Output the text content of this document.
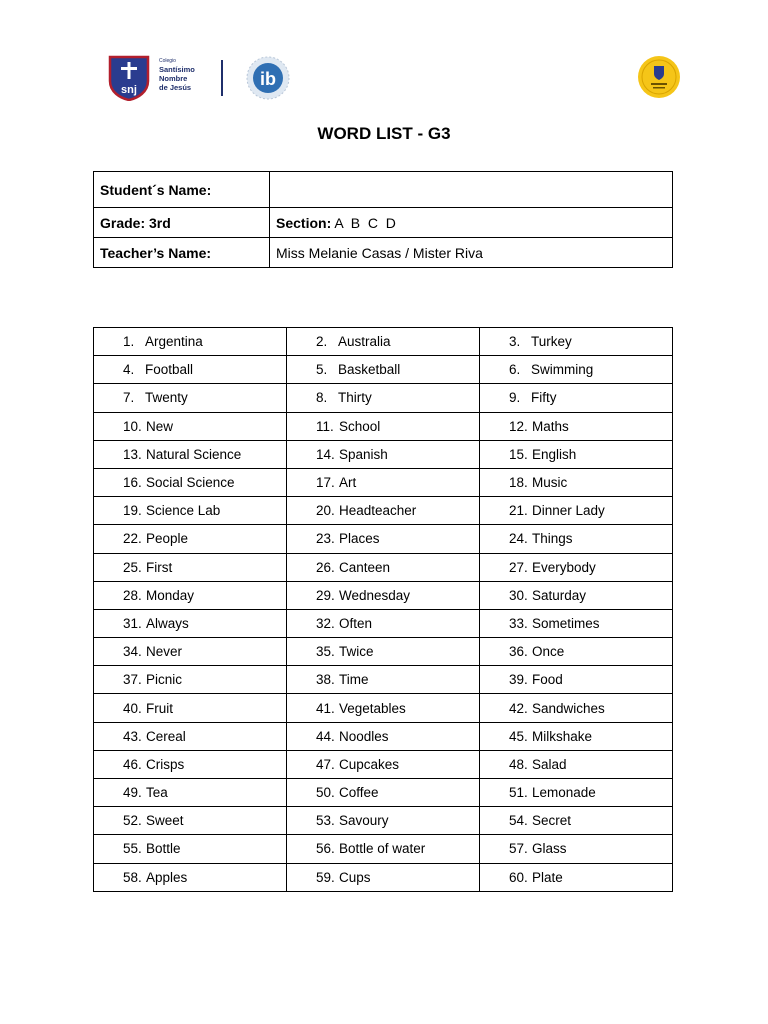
snj
Colegio
Santísimo
Nombre
de Jesús	ib
WORD LIST - G3
Student´s Name:	
Grade: 3rd	Section: A  B  C  D
Teacher’s Name:	Miss Melanie Casas / Mister Riva
1. Argentina	2. Australia	3. Turkey
4. Football	5. Basketball	6. Swimming
7. Twenty	8. Thirty	9. Fifty
10. New	11. School	12. Maths
13. Natural Science	14. Spanish	15. English
16. Social Science	17. Art	18. Music
19. Science Lab	20. Headteacher	21. Dinner Lady
22. People	23. Places	24. Things
25. First	26. Canteen	27. Everybody
28. Monday	29. Wednesday	30. Saturday
31. Always	32. Often	33. Sometimes
34. Never	35. Twice	36. Once
37. Picnic	38. Time	39. Food
40. Fruit	41. Vegetables	42. Sandwiches
43. Cereal	44. Noodles	45. Milkshake
46. Crisps	47. Cupcakes	48. Salad
49. Tea	50. Coffee	51. Lemonade
52. Sweet	53. Savoury	54. Secret
55. Bottle	56. Bottle of water	57. Glass
58. Apples	59. Cups	60. Plate
